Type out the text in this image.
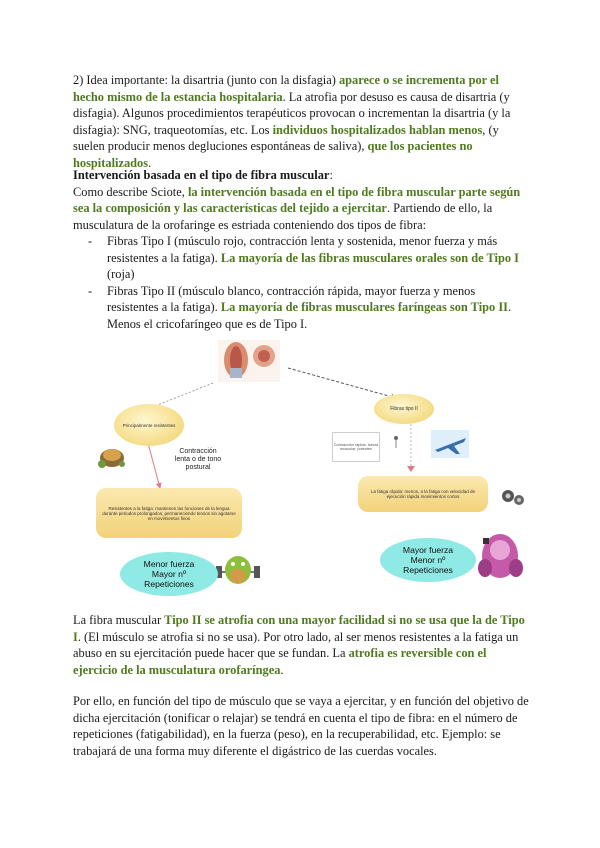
2) Idea importante: la disartria (junto con la disfagia) aparece o se incrementa por el hecho mismo de la estancia hospitalaria. La atrofia por desuso es causa de disartria (y disfagia). Algunos procedimientos terapéuticos provocan o incrementan la disartria (y la disfagia): SNG, traqueotomías, etc. Los individuos hospitalizados hablan menos, (y suelen producir menos degluciones espontáneas de saliva), que los pacientes no hospitalizados.

Intervención basada en el tipo de fibra muscular:
Como describe Sciote, la intervención basada en el tipo de fibra muscular parte según sea la composición y las características del tejido a ejercitar. Partiendo de ello, la musculatura de la orofaringe es estriada conteniendo dos tipos de fibra:

- Fibras Tipo I (músculo rojo, contracción lenta y sostenida, menor fuerza y más resistentes a la fatiga). La mayoría de las fibras musculares orales son de Tipo I (roja)
- Fibras Tipo II (músculo blanco, contracción rápida, mayor fuerza y menos resistentes a la fatiga). La mayoría de fibras musculares faríngeas son Tipo II. Menos el cricofaríngeo que es de Tipo I.
Principalmente resistentes
Contracción lenta o de tono postural
Resistentes a la fatiga: mantienen las funciones de la lengua durante periodos prolongados, permaneciendo tensos sin agotarse en movimientos finos
Menor fuerza
Mayor nº
Repeticiones
Fibras tipo II
Contracción rápida, fuerza muscular, potentes
La fatiga rápida: menos, a la fatiga con velocidad de ejecución rápida movimientos cortos
Mayor fuerza
Menor nº
Repeticiones

La fibra muscular Tipo II se atrofia con una mayor facilidad si no se usa que la de Tipo I. (El músculo se atrofia si no se usa). Por otro lado, al ser menos resistentes a la fatiga un abuso en su ejercitación puede hacer que se fundan. La atrofia es reversible con el ejercicio de la musculatura orofaríngea.

Por ello, en función del tipo de músculo que se vaya a ejercitar, y en función del objetivo de dicha ejercitación (tonificar o relajar) se tendrá en cuenta el tipo de fibra: en el número de repeticiones (fatigabilidad), en la fuerza (peso), en la recuperabilidad, etc. Ejemplo: se trabajará de una forma muy diferente el digástrico de las cuerdas vocales.
